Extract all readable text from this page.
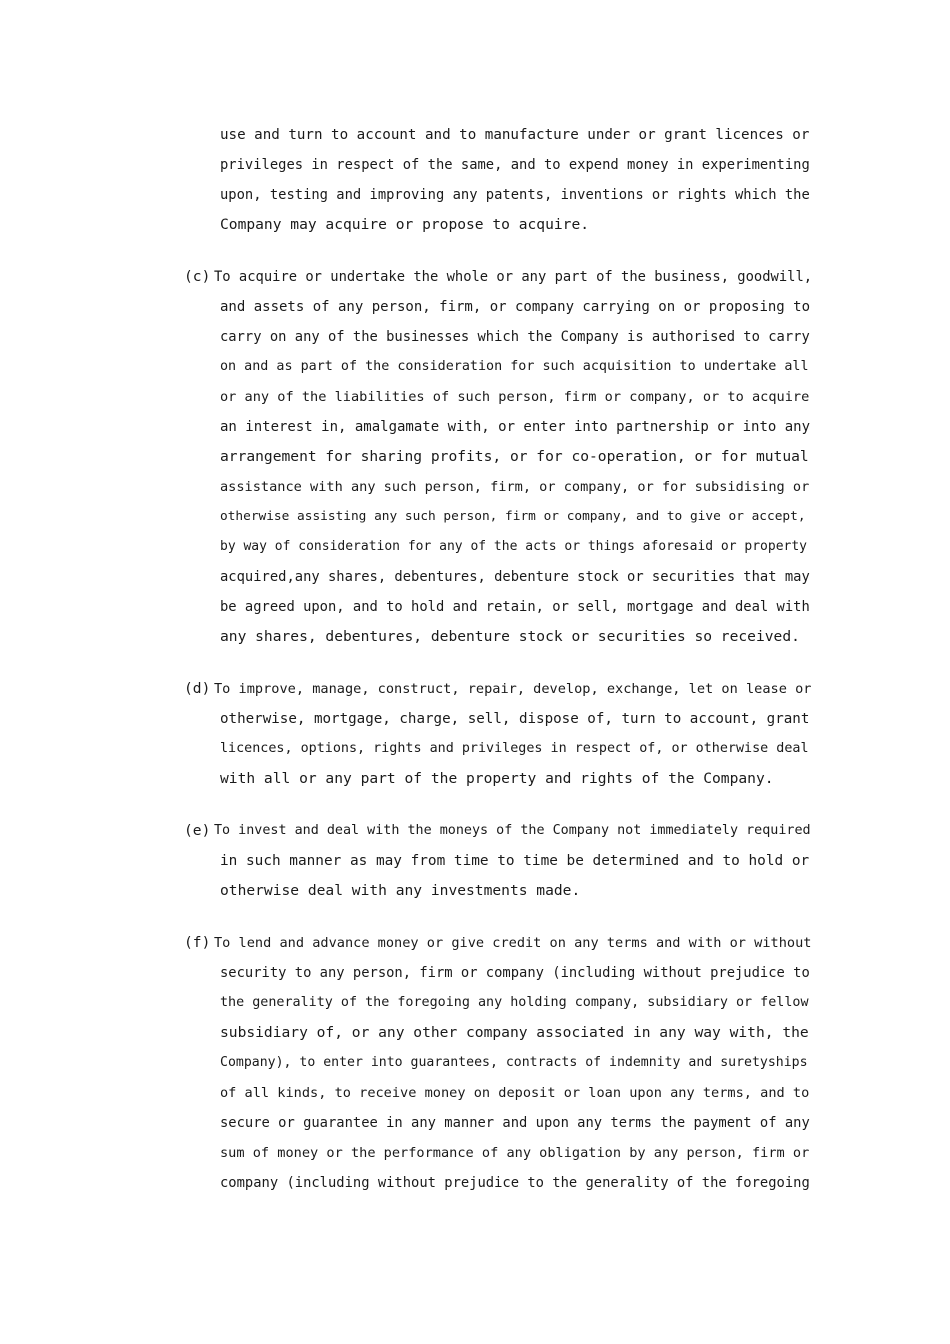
use and turn to account and to manufacture under or grant licences or
privileges in respect of the same, and to expend money in experimenting
upon, testing and improving any patents, inventions or rights which the
Company may acquire or propose to acquire.
(c) To acquire or undertake the whole or any part of the business, goodwill,
and assets of any person, firm, or company carrying on or proposing to
carry on any of the businesses which the Company is authorised to carry
on and as part of the consideration for such acquisition to undertake all
or any of the liabilities of such person, firm or company, or to acquire
an interest in, amalgamate with, or enter into partnership or into any
arrangement for sharing profits, or for co-operation, or for mutual
assistance with any such person, firm, or company, or for subsidising or
otherwise assisting any such person, firm or company, and to give or accept,
by way of consideration for any of the acts or things aforesaid or property
acquired,any shares, debentures, debenture stock or securities that may
be agreed upon, and to hold and retain, or sell, mortgage and deal with
any shares, debentures, debenture stock or securities so received.
(d) To improve, manage, construct, repair, develop, exchange, let on lease or
otherwise, mortgage, charge, sell, dispose of, turn to account, grant
licences, options, rights and privileges in respect of, or otherwise deal
with all or any part of the property and rights of the Company.
(e) To invest and deal with the moneys of the Company not immediately required
in such manner as may from time to time be determined and to hold or
otherwise deal with any investments made.
(f) To lend and advance money or give credit on any terms and with or without
security to any person, firm or company (including without prejudice to
the generality of the foregoing any holding company, subsidiary or fellow
subsidiary of, or any other company associated in any way with, the
Company), to enter into guarantees, contracts of indemnity and suretyships
of all kinds, to receive money on deposit or loan upon any terms, and to
secure or guarantee in any manner and upon any terms the payment of any
sum of money or the performance of any obligation by any person, firm or
company (including without prejudice to the generality of the foregoing
